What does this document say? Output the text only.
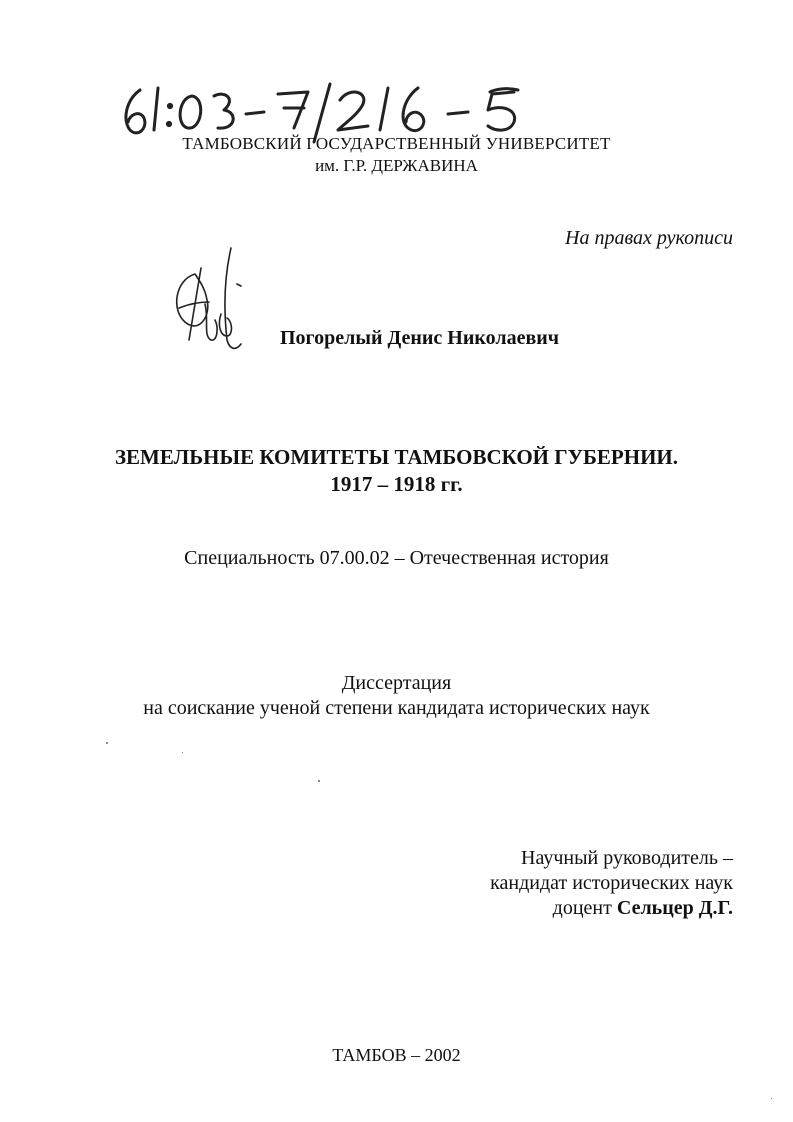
ТАМБОВСКИЙ ГОСУДАРСТВЕННЫЙ УНИВЕРСИТЕТ
им. Г.Р. ДЕРЖАВИНА
На правах рукописи
Погорелый Денис Николаевич
ЗЕМЕЛЬНЫЕ КОМИТЕТЫ ТАМБОВСКОЙ ГУБЕРНИИ.
1917 – 1918 гг.
Специальность 07.00.02 – Отечественная история
Диссертация
на соискание ученой степени кандидата исторических наук
Научный руководитель –
кандидат исторических наук
доцент Сельцер Д.Г.
ТАМБОВ – 2002
